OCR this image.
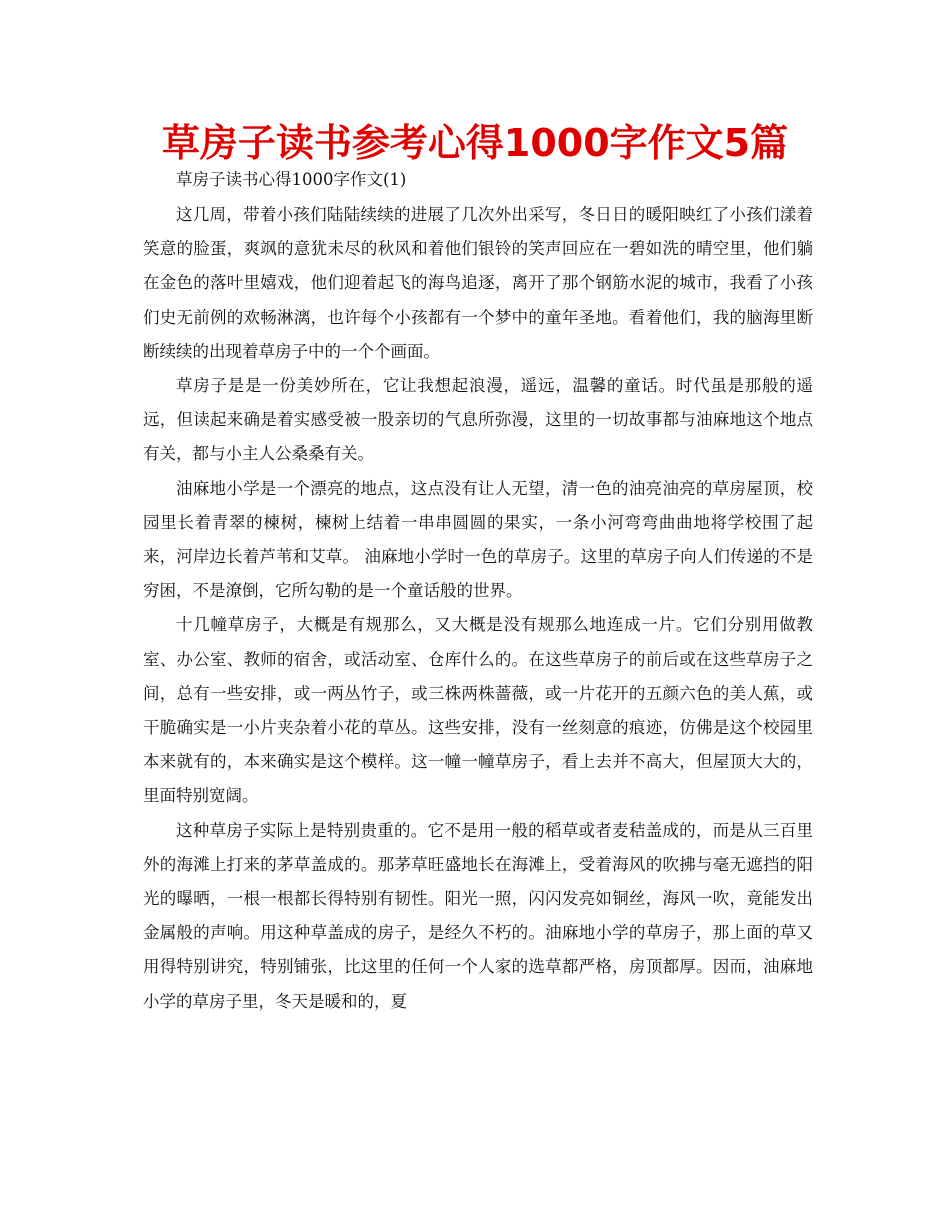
草房子读书参考心得1000字作文5篇
草房子读书心得1000字作文(1)

这几周，带着小孩们陆陆续续的进展了几次外出采写，冬日日的暖阳映红了小孩们漾着笑意的脸蛋，爽飒的意犹未尽的秋风和着他们银铃的笑声回应在一碧如洗的晴空里，他们躺在金色的落叶里嬉戏，他们迎着起飞的海鸟追逐，离开了那个钢筋水泥的城市，我看了小孩们史无前例的欢畅淋漓，也许每个小孩都有一个梦中的童年圣地。看着他们，我的脑海里断断续续的出现着草房子中的一个个画面。

草房子是是一份美妙所在，它让我想起浪漫，遥远，温馨的童话。时代虽是那般的遥远，但读起来确是着实感受被一股亲切的气息所弥漫，这里的一切故事都与油麻地这个地点有关，都与小主人公桑桑有关。

油麻地小学是一个漂亮的地点，这点没有让人无望，清一色的油亮油亮的草房屋顶，校园里长着青翠的楝树，楝树上结着一串串圆圆的果实，一条小河弯弯曲曲地将学校围了起来，河岸边长着芦苇和艾草。 油麻地小学时一色的草房子。这里的草房子向人们传递的不是穷困，不是潦倒，它所勾勒的是一个童话般的世界。

十几幢草房子，大概是有规那么，又大概是没有规那么地连成一片。它们分别用做教室、办公室、教师的宿舍，或活动室、仓库什么的。在这些草房子的前后或在这些草房子之间，总有一些安排，或一两丛竹子，或三株两株蔷薇，或一片花开的五颜六色的美人蕉，或干脆确实是一小片夹杂着小花的草丛。这些安排，没有一丝刻意的痕迹，仿佛是这个校园里本来就有的，本来确实是这个模样。这一幢一幢草房子，看上去并不高大，但屋顶大大的，里面特别宽阔。

这种草房子实际上是特别贵重的。它不是用一般的稻草或者麦秸盖成的，而是从三百里外的海滩上打来的茅草盖成的。那茅草旺盛地长在海滩上，受着海风的吹拂与毫无遮挡的阳光的曝晒，一根一根都长得特别有韧性。阳光一照，闪闪发亮如铜丝，海风一吹，竟能发出金属般的声响。用这种草盖成的房子，是经久不朽的。油麻地小学的草房子，那上面的草又用得特别讲究，特别铺张，比这里的任何一个人家的选草都严格，房顶都厚。因而，油麻地小学的草房子里，冬天是暖和的，夏
